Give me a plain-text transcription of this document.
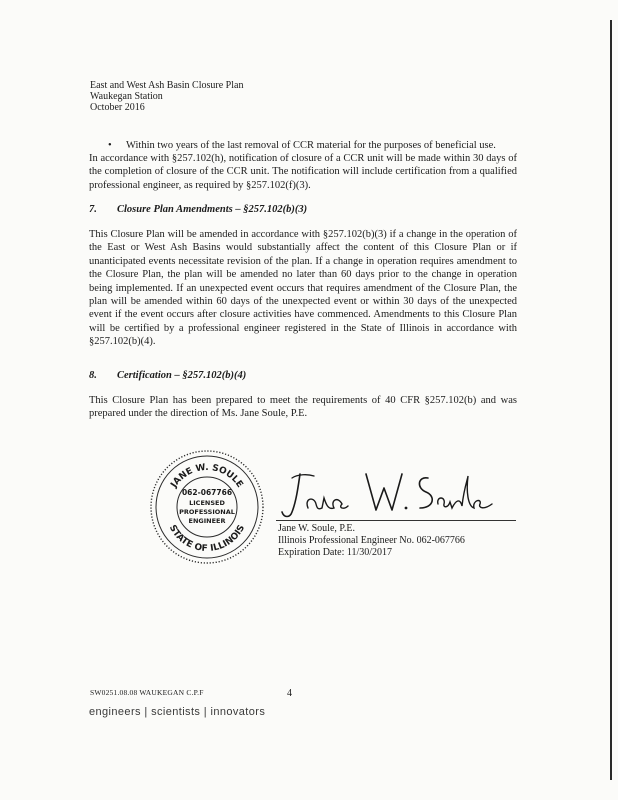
East and West Ash Basin Closure Plan
Waukegan Station
October 2016
• Within two years of the last removal of CCR material for the purposes of beneficial use.
In accordance with §257.102(h), notification of closure of a CCR unit will be made within 30 days of the completion of closure of the CCR unit. The notification will include certification from a qualified professional engineer, as required by §257.102(f)(3).
7. Closure Plan Amendments – §257.102(b)(3)
This Closure Plan will be amended in accordance with §257.102(b)(3) if a change in the operation of the East or West Ash Basins would substantially affect the content of this Closure Plan or if unanticipated events necessitate revision of the plan. If a change in operation requires amendment to the Closure Plan, the plan will be amended no later than 60 days prior to the change in operation being implemented. If an unexpected event occurs that requires amendment of the Closure Plan, the plan will be amended within 60 days of the unexpected event or within 30 days of the unexpected event if the event occurs after closure activities have commenced. Amendments to this Closure Plan will be certified by a professional engineer registered in the State of Illinois in accordance with §257.102(b)(4).
8. Certification – §257.102(b)(4)
This Closure Plan has been prepared to meet the requirements of 40 CFR §257.102(b) and was prepared under the direction of Ms. Jane Soule, P.E.
JANE W. SOULE
STATE OF ILLINOIS
062-067766
LICENSED
PROFESSIONAL
ENGINEER
Jane W. Soule, P.E.
Illinois Professional Engineer No. 062-067766
Expiration Date: 11/30/2017
SW0251.08.08 WAUKEGAN C.P.F	4
engineers | scientists | innovators
